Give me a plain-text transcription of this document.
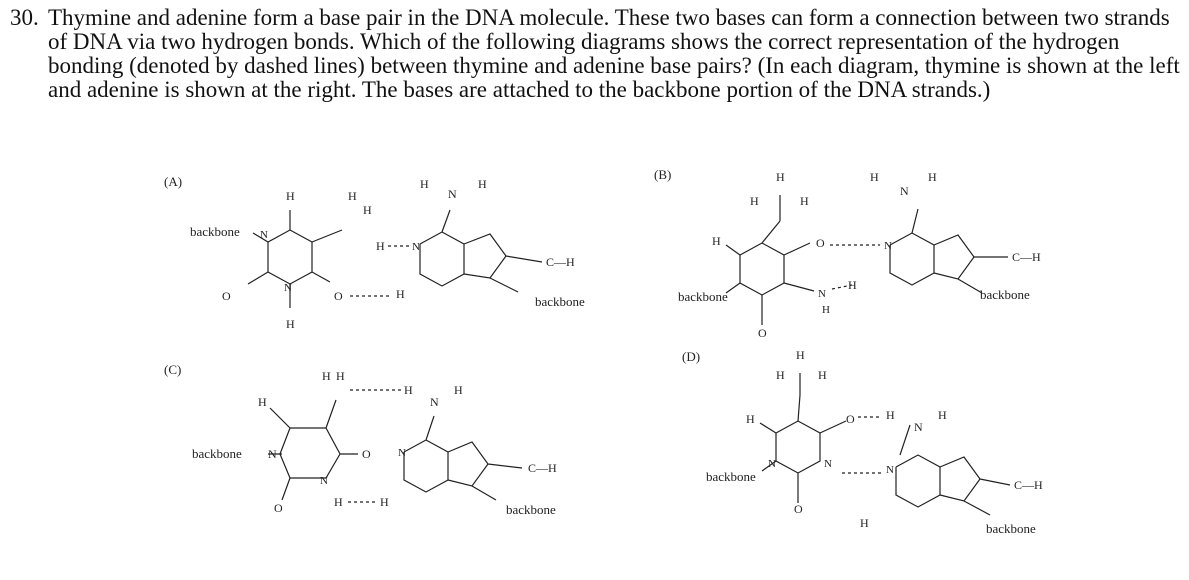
30. Thymine and adenine form a base pair in the DNA molecule. These two bases can form a connection between two strands of DNA via two hydrogen bonds. Which of the following diagrams shows the correct representation of the hydrogen bonding (denoted by dashed lines) between thymine and adenine base pairs? (In each diagram, thymine is shown at the left and adenine is shown at the right. The bases are attached to the backbone portion of the DNA strands.)
(A)
backbone
backbone
H	H
H
O
H
O
N
N
H
N
H
H N
H
C—H
(B)
backbone	backbone
H
H	H
H	O
O
N
H
H
N
H
N
H
C—H
(C)
backbone
backbone
H
H H
N	O
O
N
H
H
N
H
N
H
C—H
(D)
backbone
backbone
H
H	H
H	O
O
N
N
H
N
H
N
H
C—H
